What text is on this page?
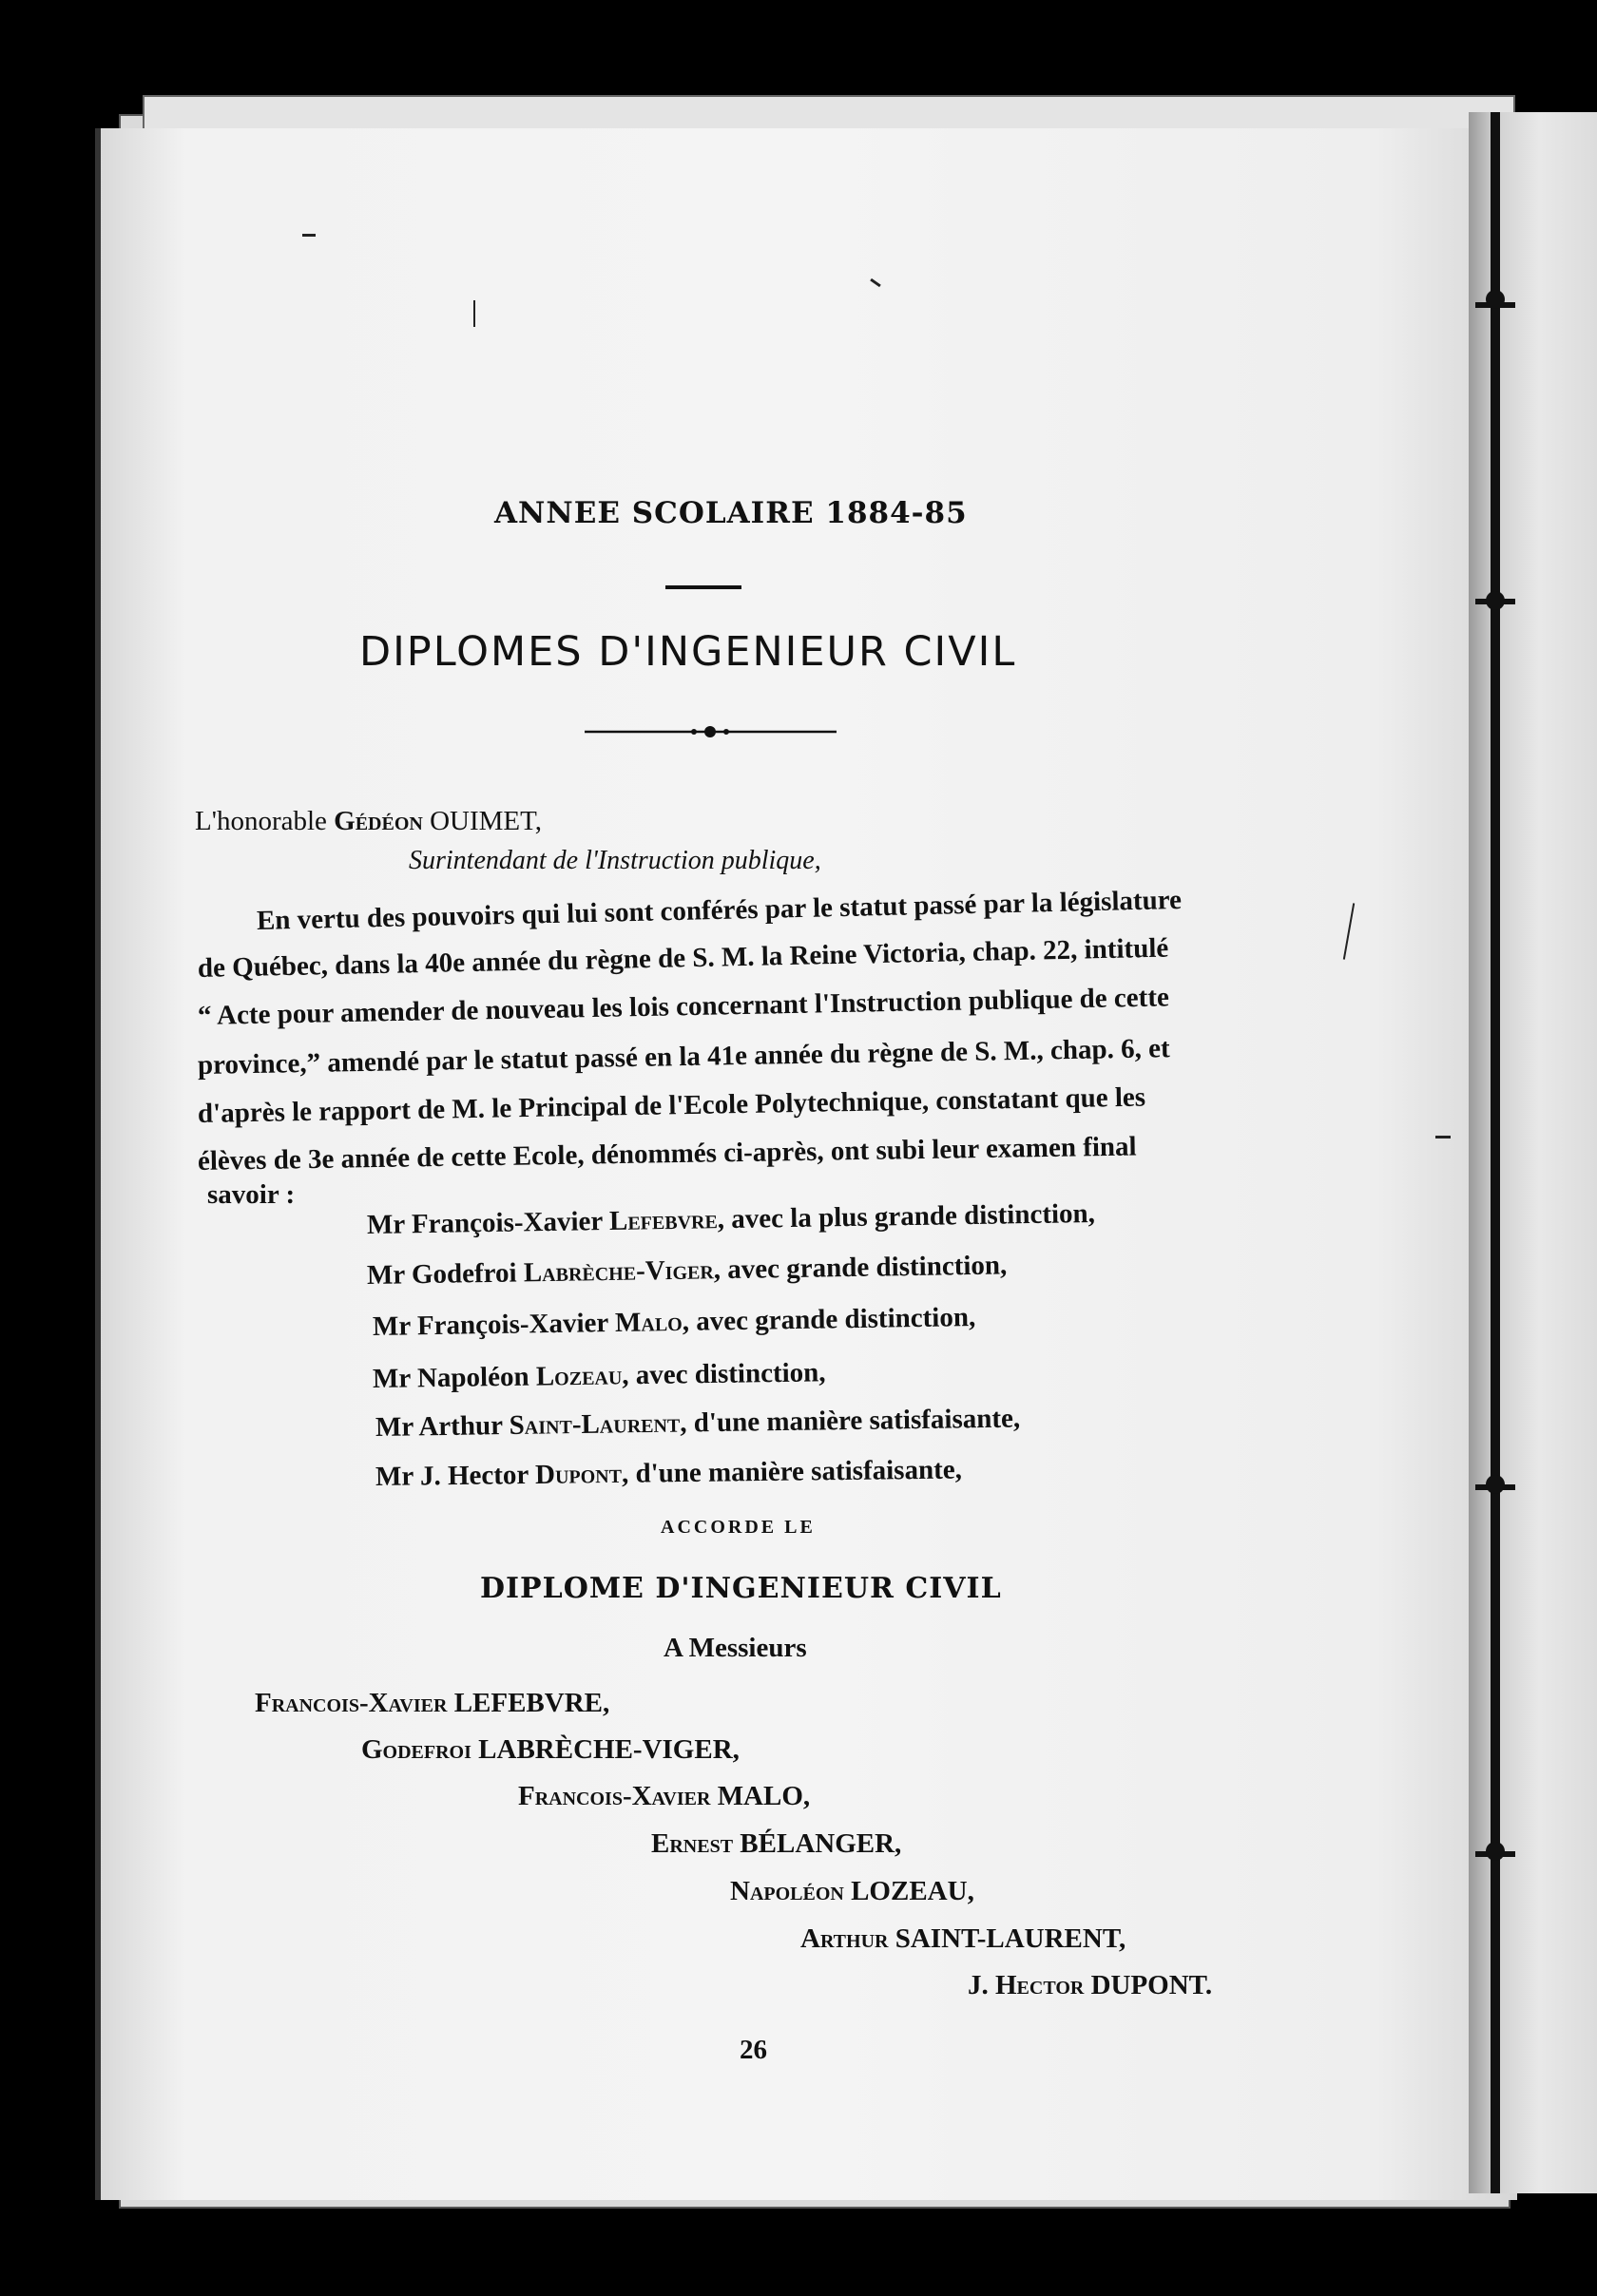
ANNEE SCOLAIRE 1884-85
DIPLOMES D'INGENIEUR CIVIL
L'honorable Gédéon OUIMET,
Surintendant de l'Instruction publique,
En vertu des pouvoirs qui lui sont conférés par le statut passé par la législature
de Québec, dans la 40e année du règne de S. M. la Reine Victoria, chap. 22, intitulé
“ Acte pour amender de nouveau les lois concernant l'Instruction publique de cette
province,” amendé par le statut passé en la 41e année du règne de S. M., chap. 6, et
d'après le rapport de M. le Principal de l'Ecole Polytechnique, constatant que les
élèves de 3e année de cette Ecole, dénommés ci-après, ont subi leur examen final
savoir :
Mr François-Xavier Lefebvre, avec la plus grande distinction,
Mr Godefroi Labrèche-Viger, avec grande distinction,
Mr François-Xavier Malo, avec grande distinction,
Mr Napoléon Lozeau, avec distinction,
Mr Arthur Saint-Laurent, d'une manière satisfaisante,
Mr J. Hector Dupont, d'une manière satisfaisante,
ACCORDE LE
DIPLOME D'INGENIEUR CIVIL
A Messieurs
Francois-Xavier LEFEBVRE,
Godefroi LABRÈCHE-VIGER,
Francois-Xavier MALO,
Ernest BÉLANGER,
Napoléon LOZEAU,
Arthur SAINT-LAURENT,
J. Hector DUPONT.
26
